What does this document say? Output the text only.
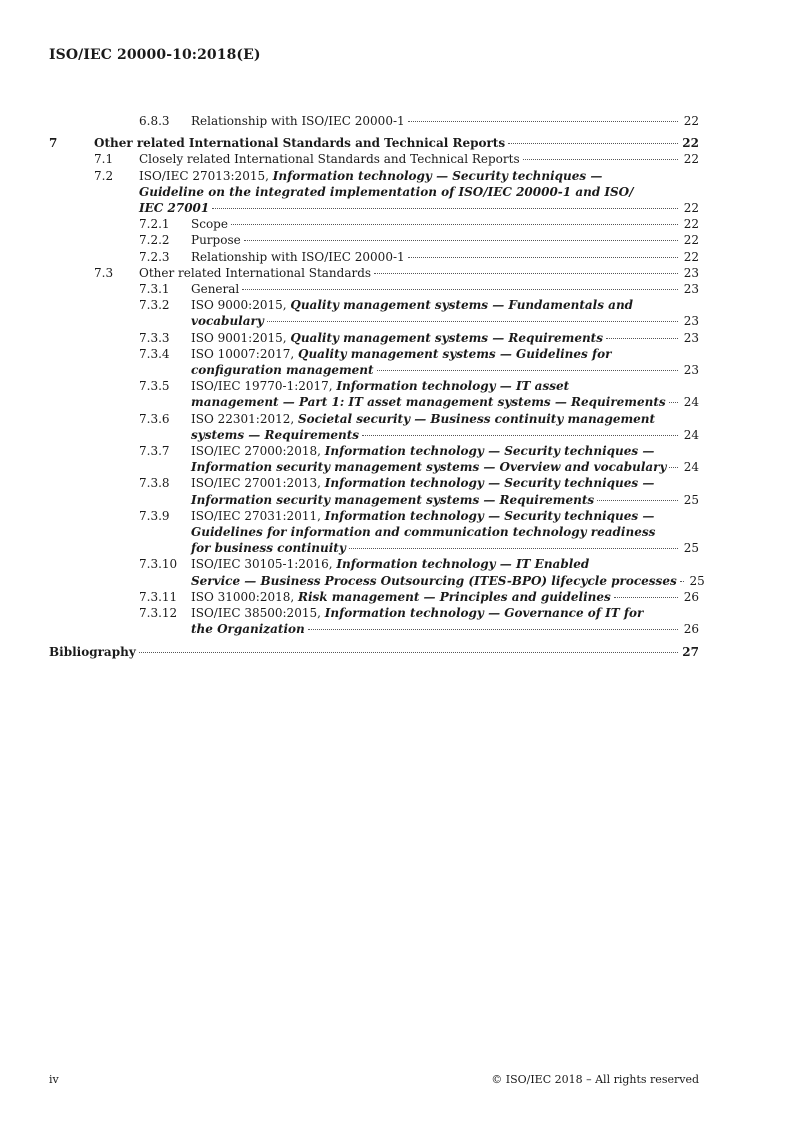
ISO/IEC 20000-10:2018(E)
6.8.3 Relationship with ISO/IEC 20000-1	22
7	Other related International Standards and Technical Reports	22
7.1 Closely related International Standards and Technical Reports	22
7.2 ISO/IEC 27013:2015, Information technology — Security techniques —
Guideline on the integrated implementation of ISO/IEC 20000-1 and ISO/
IEC 27001	22
7.2.1 Scope	22
7.2.2 Purpose	22
7.2.3 Relationship with ISO/IEC 20000-1	22
7.3 Other related International Standards	23
7.3.1 General	23
7.3.2 ISO 9000:2015, Quality management systems — Fundamentals and
vocabulary	23
7.3.3 ISO 9001:2015, Quality management systems — Requirements	23
7.3.4 ISO 10007:2017, Quality management systems — Guidelines for
configuration management	23
7.3.5 ISO/IEC 19770-1:2017, Information technology — IT asset
management — Part 1: IT asset management systems — Requirements 24
7.3.6 ISO 22301:2012, Societal security — Business continuity management
systems — Requirements	24
7.3.7 ISO/IEC 27000:2018, Information technology — Security techniques —
Information security management systems — Overview and vocabulary 24
7.3.8 ISO/IEC 27001:2013, Information technology — Security techniques —
Information security management systems — Requirements	25
7.3.9 ISO/IEC 27031:2011, Information technology — Security techniques —
Guidelines for information and communication technology readiness
for business continuity	25
7.3.10 ISO/IEC 30105-1:2016, Information technology — IT Enabled
Service — Business Process Outsourcing (ITES-BPO) lifecycle processes 25
7.3.11 ISO 31000:2018, Risk management — Principles and guidelines	26
7.3.12 ISO/IEC 38500:2015, Information technology — Governance of IT for
the Organization	26
Bibliography	27
iv	© ISO/IEC 2018 – All rights reserved
